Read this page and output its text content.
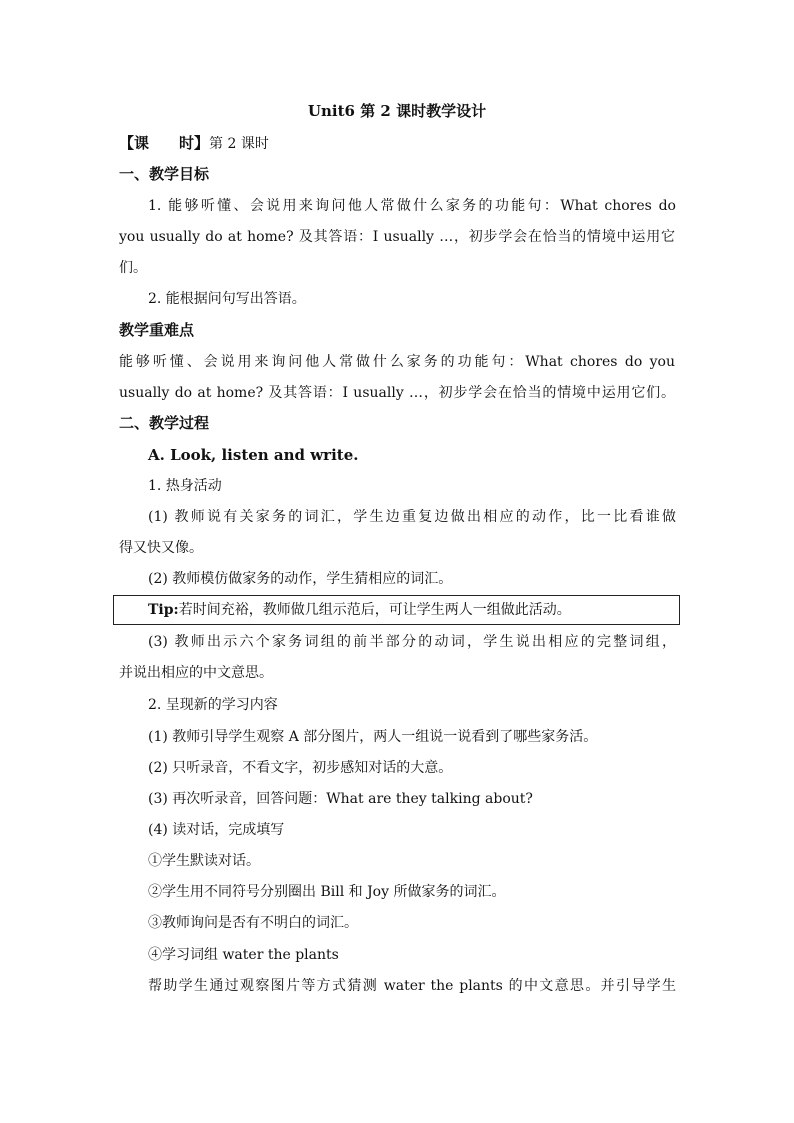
Unit6 第 2 课时教学设计
【课　　时】第 2 课时
一、教学目标
1. 能够听懂、会说用来询问他人常做什么家务的功能句：What chores do
you usually do at home? 及其答语：I usually …，初步学会在恰当的情境中运用它
们。
2. 能根据问句写出答语。
教学重难点
能够听懂、会说用来询问他人常做什么家务的功能句：What chores do you
usually do at home? 及其答语：I usually …，初步学会在恰当的情境中运用它们。
二、教学过程
A. Look, listen and write.
1. 热身活动
(1) 教师说有关家务的词汇，学生边重复边做出相应的动作，比一比看谁做
得又快又像。
(2) 教师模仿做家务的动作，学生猜相应的词汇。
Tip:若时间充裕，教师做几组示范后，可让学生两人一组做此活动。
(3) 教师出示六个家务词组的前半部分的动词，学生说出相应的完整词组，
并说出相应的中文意思。
2. 呈现新的学习内容
(1) 教师引导学生观察 A 部分图片，两人一组说一说看到了哪些家务活。
(2) 只听录音，不看文字，初步感知对话的大意。
(3) 再次听录音，回答问题：What are they talking about?
(4) 读对话，完成填写
①学生默读对话。
②学生用不同符号分别圈出 Bill 和 Joy 所做家务的词汇。
③教师询问是否有不明白的词汇。
④学习词组 water the plants
帮助学生通过观察图片等方式猜测 water the plants 的中文意思。并引导学生
